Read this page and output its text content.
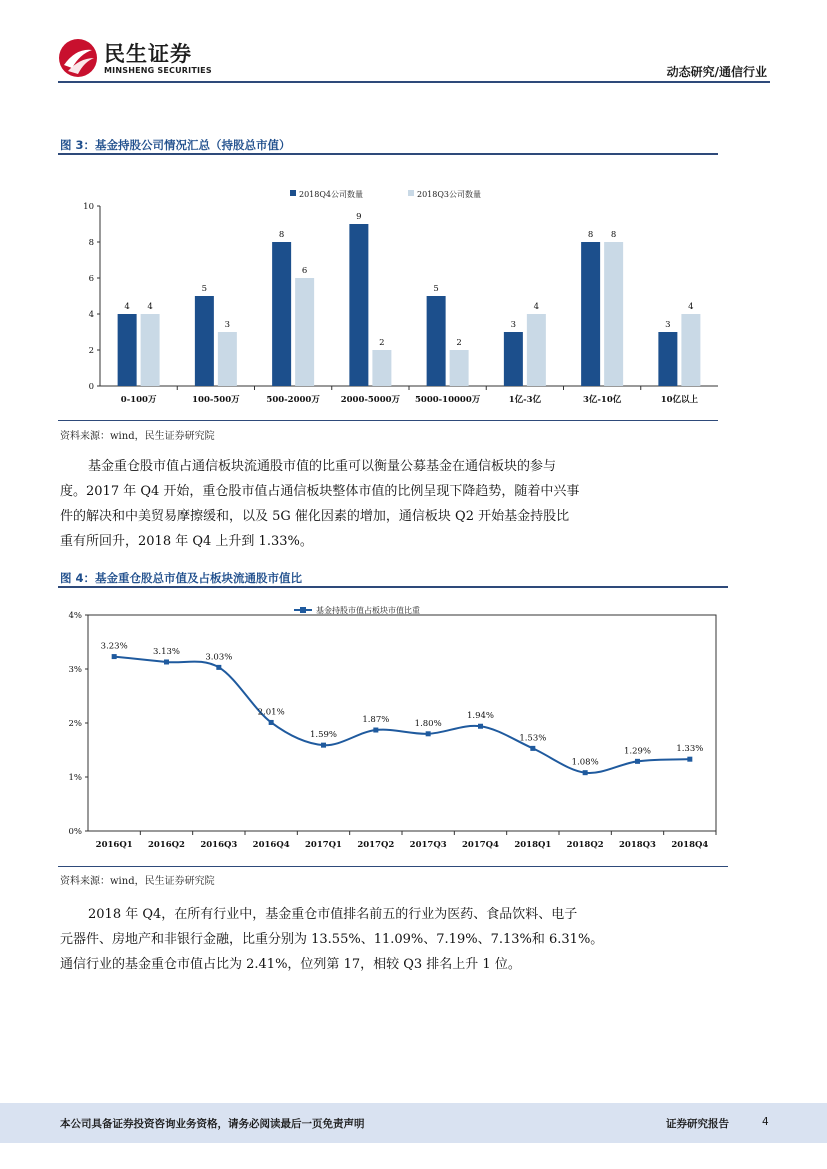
民生证券
MINSHENG SECURITIES	动态研究/通信行业
图 3：基金持股公司情况汇总（持股总市值）
0
2
4
6
8
10
2018Q4公司数量	2018Q3公司数量
0-100万
4 4
100-500万
5
3
500-2000万
8
6
2000-5000万
9
2
5000-10000万
5
2
1亿-3亿
3
4
3亿-10亿
8 8
10亿以上
3
4
资料来源：wind，民生证券研究院
基金重仓股市值占通信板块流通股市值的比重可以衡量公募基金在通信板块的参与
度。2017 年 Q4 开始，重仓股市值占通信板块整体市值的比例呈现下降趋势，随着中兴事
件的解决和中美贸易摩擦缓和，以及 5G 催化因素的增加，通信板块 Q2 开始基金持股比
重有所回升，2018 年 Q4 上升到 1.33%。
图 4：基金重仓股总市值及占板块流通股市值比
0%
1%
2%
3%
4%
基金持股市值占板块市值比重
2016Q1
3.23%
2016Q2
3.13%
2016Q3
3.03%
2016Q4
2.01%
2017Q1
1.59%
2017Q2
1.87%
2017Q3
1.80%
2017Q4
1.94%
2018Q1
1.53%
2018Q2
1.08%
2018Q3
1.29%
2018Q4
1.33%
资料来源：wind，民生证券研究院
2018 年 Q4，在所有行业中，基金重仓市值排名前五的行业为医药、食品饮料、电子
元器件、房地产和非银行金融，比重分别为 13.55%、11.09%、7.19%、7.13%和 6.31%。
通信行业的基金重仓市值占比为 2.41%，位列第 17，相较 Q3 排名上升 1 位。
本公司具备证券投资咨询业务资格，请务必阅读最后一页免责声明	证券研究报告	4
